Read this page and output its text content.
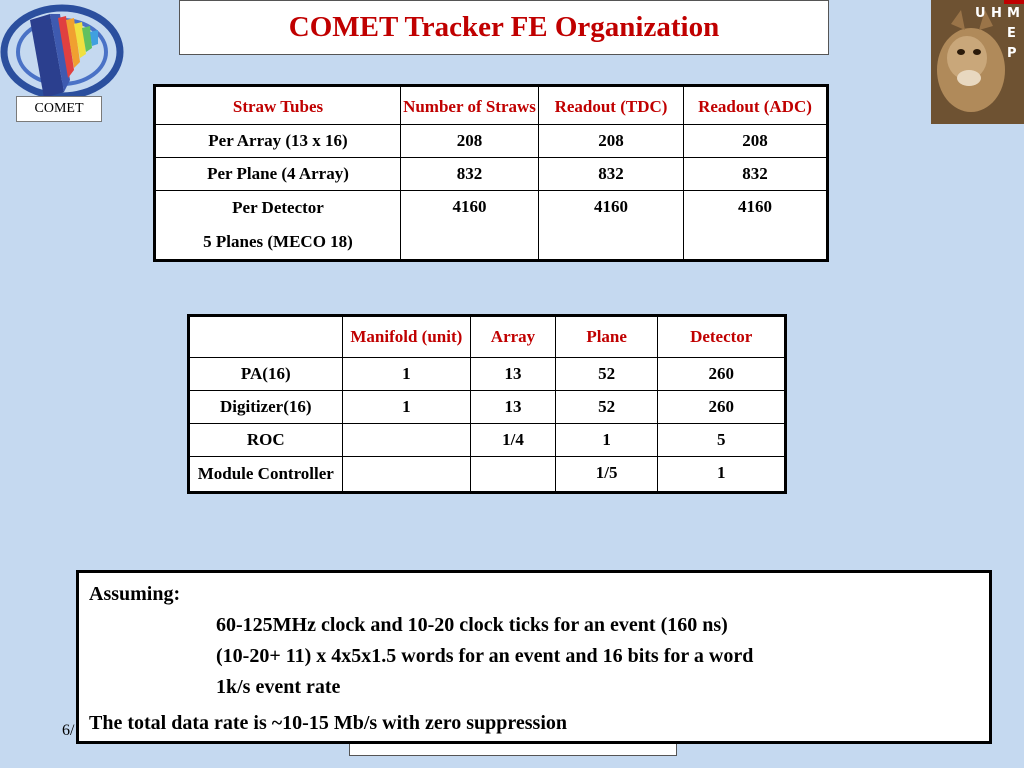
COMET
COMET Tracker FE Organization	U H M
E
P
Straw Tubes	Number of Straws	Readout (TDC)	Readout (ADC)
Per Array (13 x 16)	208	208	208
Per Plane (4 Array)	832	832	832

Per Detector
5 Planes (MECO 18)	4160	4160	4160
	Manifold (unit)	Array	Plane	Detector
PA(16)	1	13	52	260
Digitizer(16)	1	13	52	260
ROC		1/4	1	5
Module Controller			1/5	1
6/
Assuming:
60-125MHz clock and 10-20 clock ticks for an event (160 ns)
(10-20+ 11) x 4x5x1.5 words for an event and 16 bits for a word
1k/s event rate
The total data rate is ~10-15 Mb/s with zero suppression
